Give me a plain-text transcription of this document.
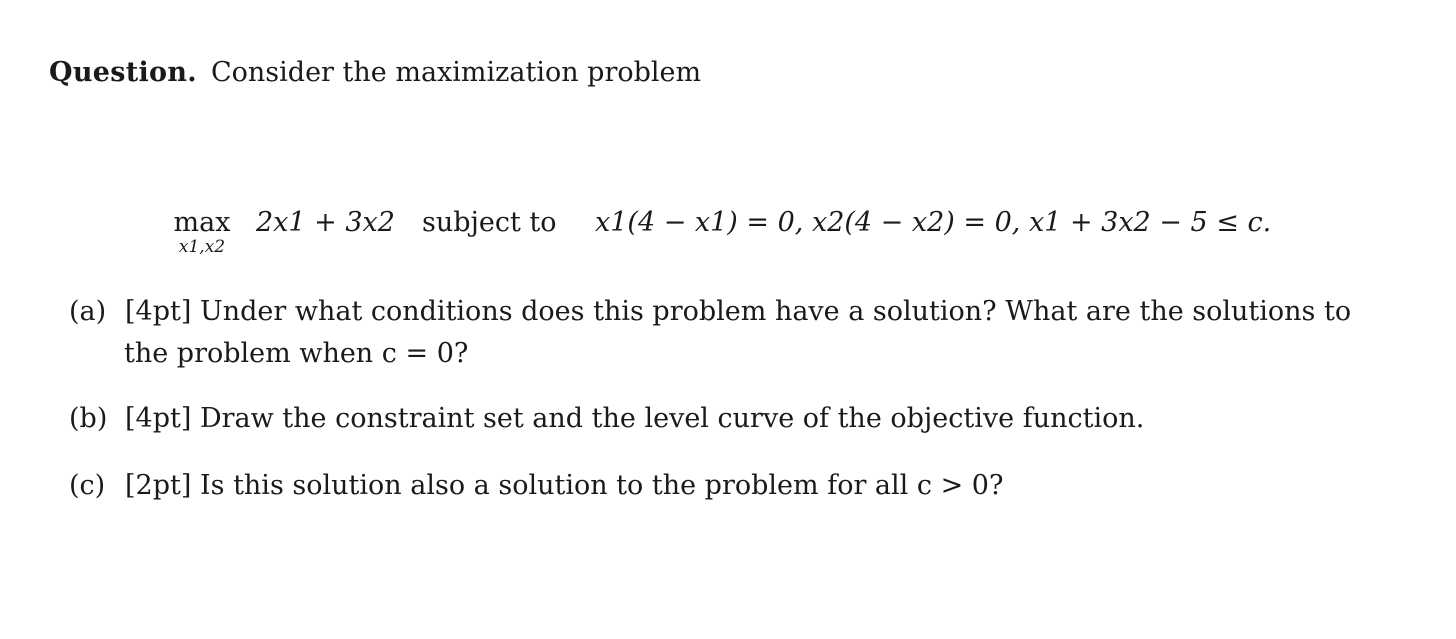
Question. Consider the maximization problem
max
x1,x2
2x1 + 3x2 subject to x1(4 − x1) = 0, x2(4 − x2) = 0, x1 + 3x2 − 5 ≤ c.
(a) [4pt] Under what conditions does this problem have a solution? What are the solutions to
the problem when c = 0?
(b) [4pt] Draw the constraint set and the level curve of the objective function.
(c) [2pt] Is this solution also a solution to the problem for all c > 0?
